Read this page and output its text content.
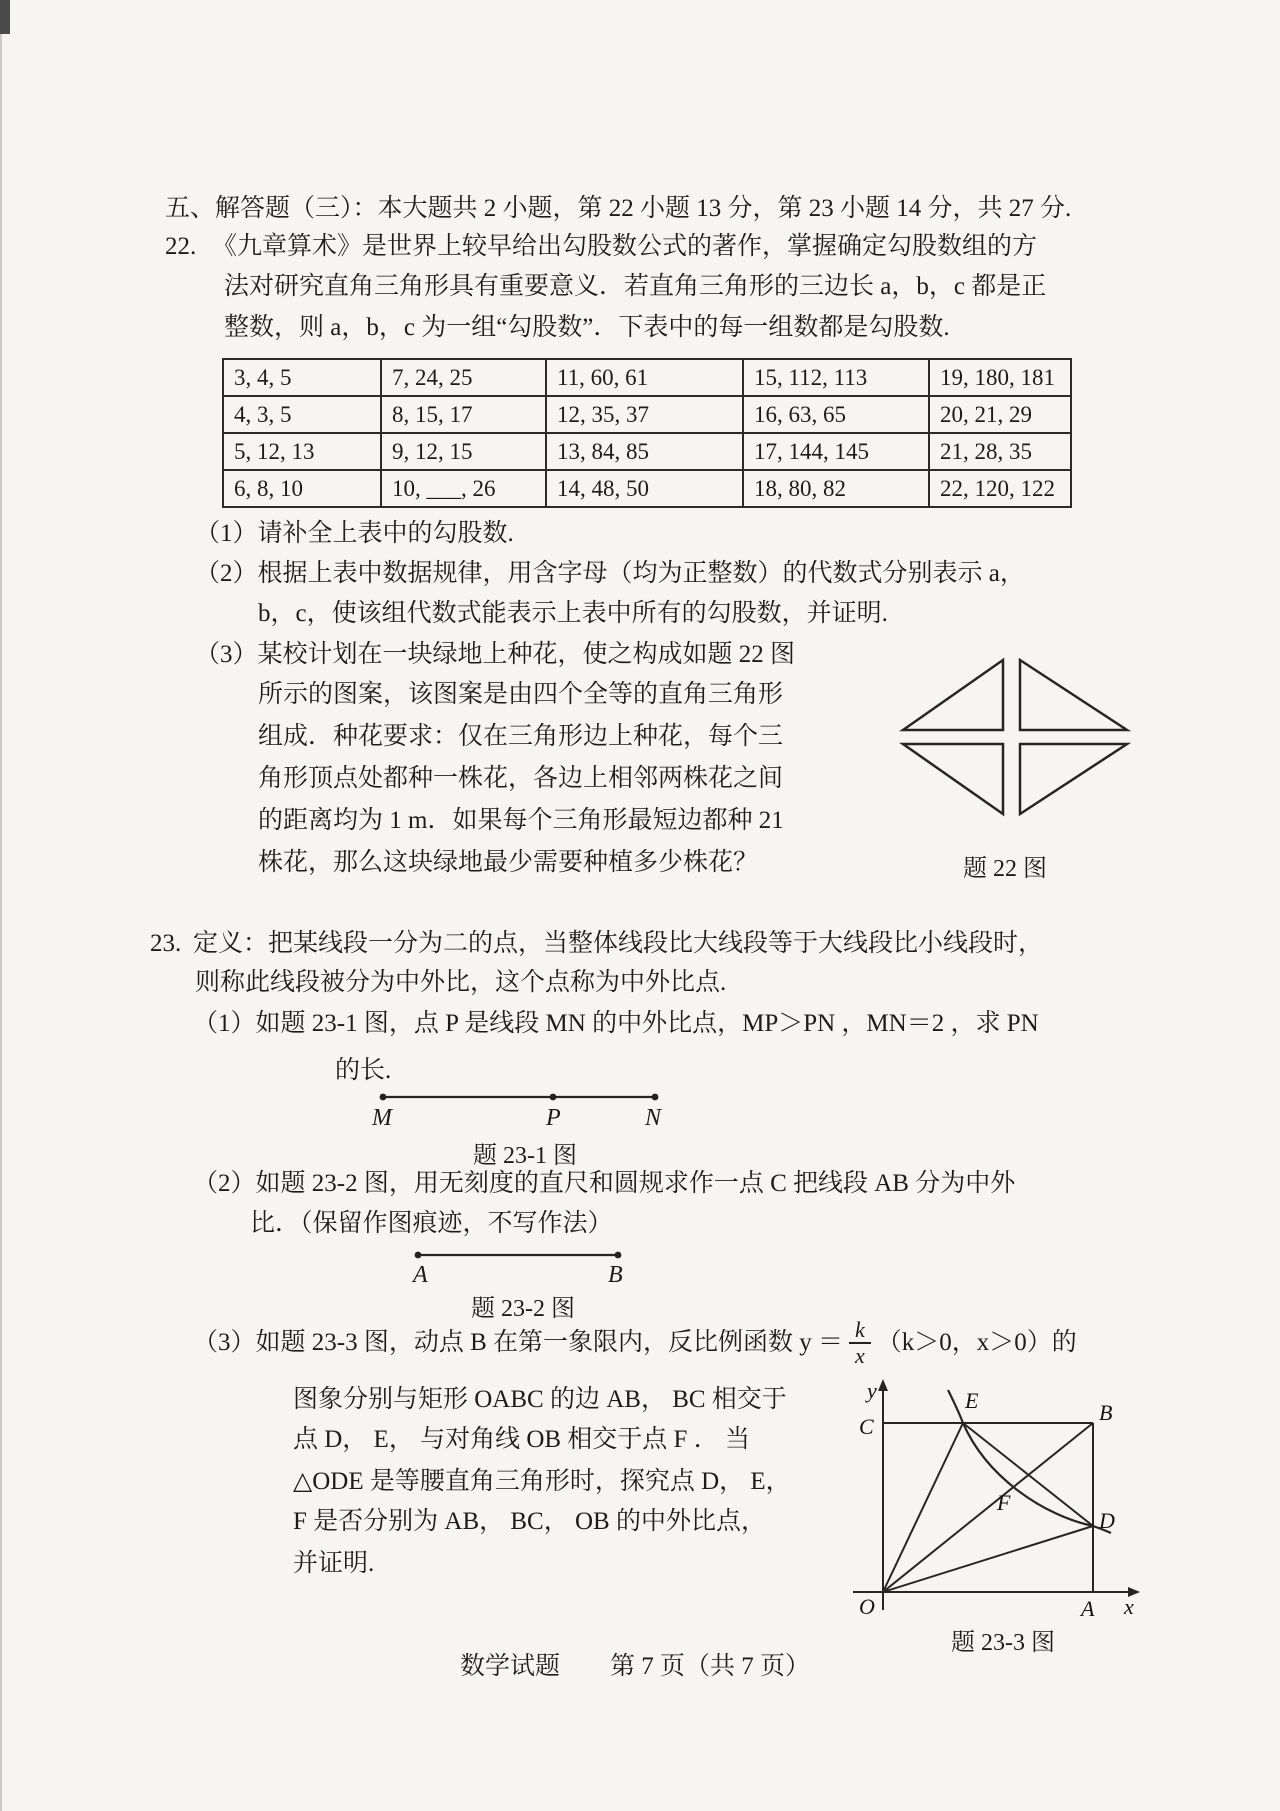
五、解答题（三）：本大题共 2 小题，第 22 小题 13 分，第 23 小题 14 分，共 27 分.
22. 《九章算术》是世界上较早给出勾股数公式的著作，掌握确定勾股数组的方
法对研究直角三角形具有重要意义．若直角三角形的三边长 a，b，c 都是正
整数，则 a，b，c 为一组“勾股数”．下表中的每一组数都是勾股数.
3, 4, 5	7, 24, 25	11, 60, 61	15, 112, 113	19, 180, 181
4, 3, 5	8, 15, 17	12, 35, 37	16, 63, 65	20, 21, 29
5, 12, 13	9, 12, 15	13, 84, 85	17, 144, 145	21, 28, 35
6, 8, 10	10, ___, 26	14, 48, 50	18, 80, 82	22, 120, 122
（1）请补全上表中的勾股数.
（2）根据上表中数据规律，用含字母（均为正整数）的代数式分别表示 a，
b，c，使该组代数式能表示上表中所有的勾股数，并证明.
（3）某校计划在一块绿地上种花，使之构成如题 22 图
所示的图案，该图案是由四个全等的直角三角形
组成．种花要求：仅在三角形边上种花，每个三
角形顶点处都种一株花，各边上相邻两株花之间
的距离均为 1 m．如果每个三角形最短边都种 21
株花，那么这块绿地最少需要种植多少株花？	题 22 图
23. 定义：把某线段一分为二的点，当整体线段比大线段等于大线段比小线段时，
则称此线段被分为中外比，这个点称为中外比点.
（1）如题 23-1 图，点 P 是线段 MN 的中外比点，MP＞PN ，MN＝2 ，求 PN
的长.
M	P	N
题 23-1 图
（2）如题 23-2 图，用无刻度的直尺和圆规求作一点 C 把线段 AB 分为中外
比．（保留作图痕迹，不写作法）
A	B
题 23-2 图
（3）如题 23-3 图，动点 B 在第一象限内，反比例函数 $y = \frac{k}{x} (k>0$，x＞0）的
图象分别与矩形 OABC 的边 AB， BC 相交于
点 D， E， 与对角线 OB 相交于点 F ． 当
△ODE 是等腰直角三角形时，探究点 D， E，
F 是否分别为 AB， BC， OB 的中外比点，
并证明.
y
x
O
C
B
E
A
D
F
题 23-3 图
数学试题　　第 7 页（共 7 页）
